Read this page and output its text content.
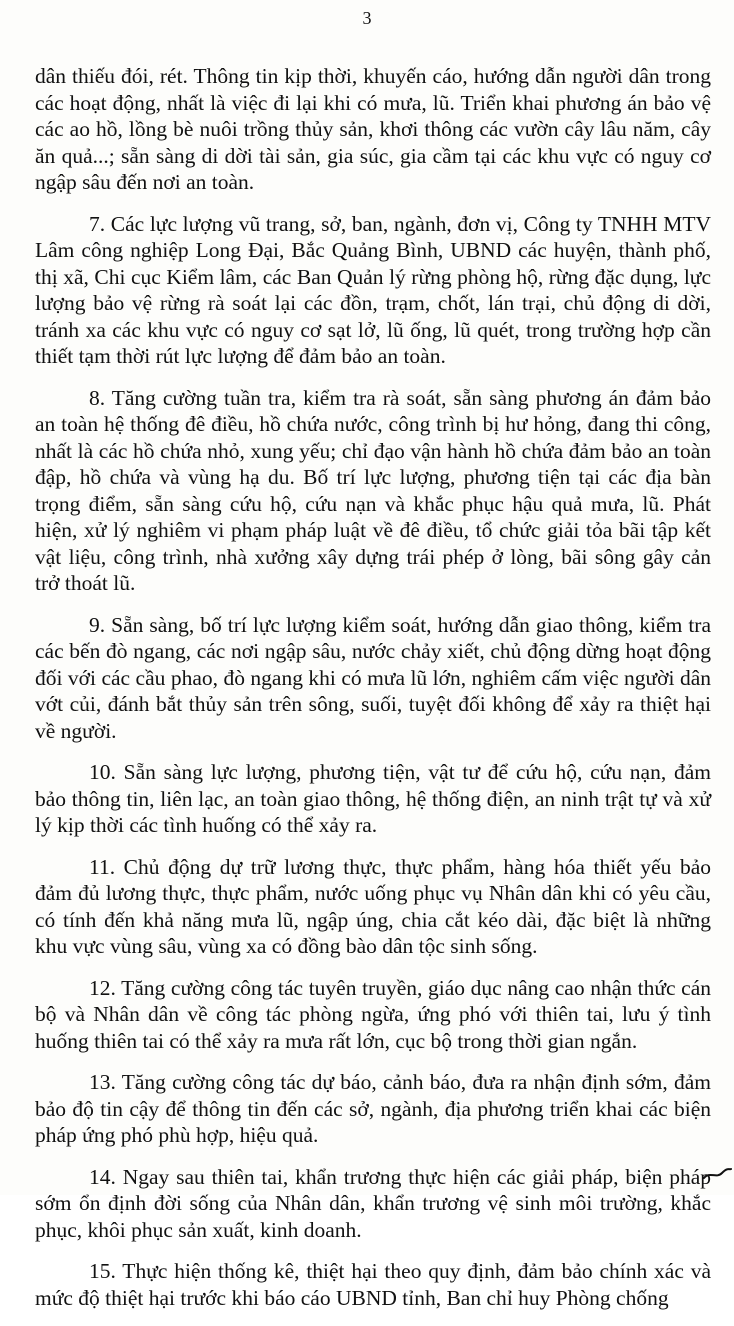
3

dân thiếu đói, rét. Thông tin kịp thời, khuyến cáo, hướng dẫn người dân trong các hoạt động, nhất là việc đi lại khi có mưa, lũ. Triển khai phương án bảo vệ các ao hồ, lồng bè nuôi trồng thủy sản, khơi thông các vườn cây lâu năm, cây ăn quả...; sẵn sàng di dời tài sản, gia súc, gia cầm tại các khu vực có nguy cơ ngập sâu đến nơi an toàn.

7. Các lực lượng vũ trang, sở, ban, ngành, đơn vị, Công ty TNHH MTV Lâm công nghiệp Long Đại, Bắc Quảng Bình, UBND các huyện, thành phố, thị xã, Chi cục Kiểm lâm, các Ban Quản lý rừng phòng hộ, rừng đặc dụng, lực lượng bảo vệ rừng rà soát lại các đồn, trạm, chốt, lán trại, chủ động di dời, tránh xa các khu vực có nguy cơ sạt lở, lũ ống, lũ quét, trong trường hợp cần thiết tạm thời rút lực lượng để đảm bảo an toàn.

8. Tăng cường tuần tra, kiểm tra rà soát, sẵn sàng phương án đảm bảo an toàn hệ thống đê điều, hồ chứa nước, công trình bị hư hỏng, đang thi công, nhất là các hồ chứa nhỏ, xung yếu; chỉ đạo vận hành hồ chứa đảm bảo an toàn đập, hồ chứa và vùng hạ du. Bố trí lực lượng, phương tiện tại các địa bàn trọng điểm, sẵn sàng cứu hộ, cứu nạn và khắc phục hậu quả mưa, lũ. Phát hiện, xử lý nghiêm vi phạm pháp luật về đê điều, tổ chức giải tỏa bãi tập kết vật liệu, công trình, nhà xưởng xây dựng trái phép ở lòng, bãi sông gây cản trở thoát lũ.

9. Sẵn sàng, bố trí lực lượng kiểm soát, hướng dẫn giao thông, kiểm tra các bến đò ngang, các nơi ngập sâu, nước chảy xiết, chủ động dừng hoạt động đối với các cầu phao, đò ngang khi có mưa lũ lớn, nghiêm cấm việc người dân vớt củi, đánh bắt thủy sản trên sông, suối, tuyệt đối không để xảy ra thiệt hại về người.

10. Sẵn sàng lực lượng, phương tiện, vật tư để cứu hộ, cứu nạn, đảm bảo thông tin, liên lạc, an toàn giao thông, hệ thống điện, an ninh trật tự và xử lý kịp thời các tình huống có thể xảy ra.

11. Chủ động dự trữ lương thực, thực phẩm, hàng hóa thiết yếu bảo đảm đủ lương thực, thực phẩm, nước uống phục vụ Nhân dân khi có yêu cầu, có tính đến khả năng mưa lũ, ngập úng, chia cắt kéo dài, đặc biệt là những khu vực vùng sâu, vùng xa có đồng bào dân tộc sinh sống.

12. Tăng cường công tác tuyên truyền, giáo dục nâng cao nhận thức cán bộ và Nhân dân về công tác phòng ngừa, ứng phó với thiên tai, lưu ý tình huống thiên tai có thể xảy ra mưa rất lớn, cục bộ trong thời gian ngắn.

13. Tăng cường công tác dự báo, cảnh báo, đưa ra nhận định sớm, đảm bảo độ tin cậy để thông tin đến các sở, ngành, địa phương triển khai các biện pháp ứng phó phù hợp, hiệu quả.

14. Ngay sau thiên tai, khẩn trương thực hiện các giải pháp, biện pháp sớm ổn định đời sống của Nhân dân, khẩn trương vệ sinh môi trường, khắc phục, khôi phục sản xuất, kinh doanh.

15. Thực hiện thống kê, thiệt hại theo quy định, đảm bảo chính xác và mức độ thiệt hại trước khi báo cáo UBND tỉnh, Ban chỉ huy Phòng chống
